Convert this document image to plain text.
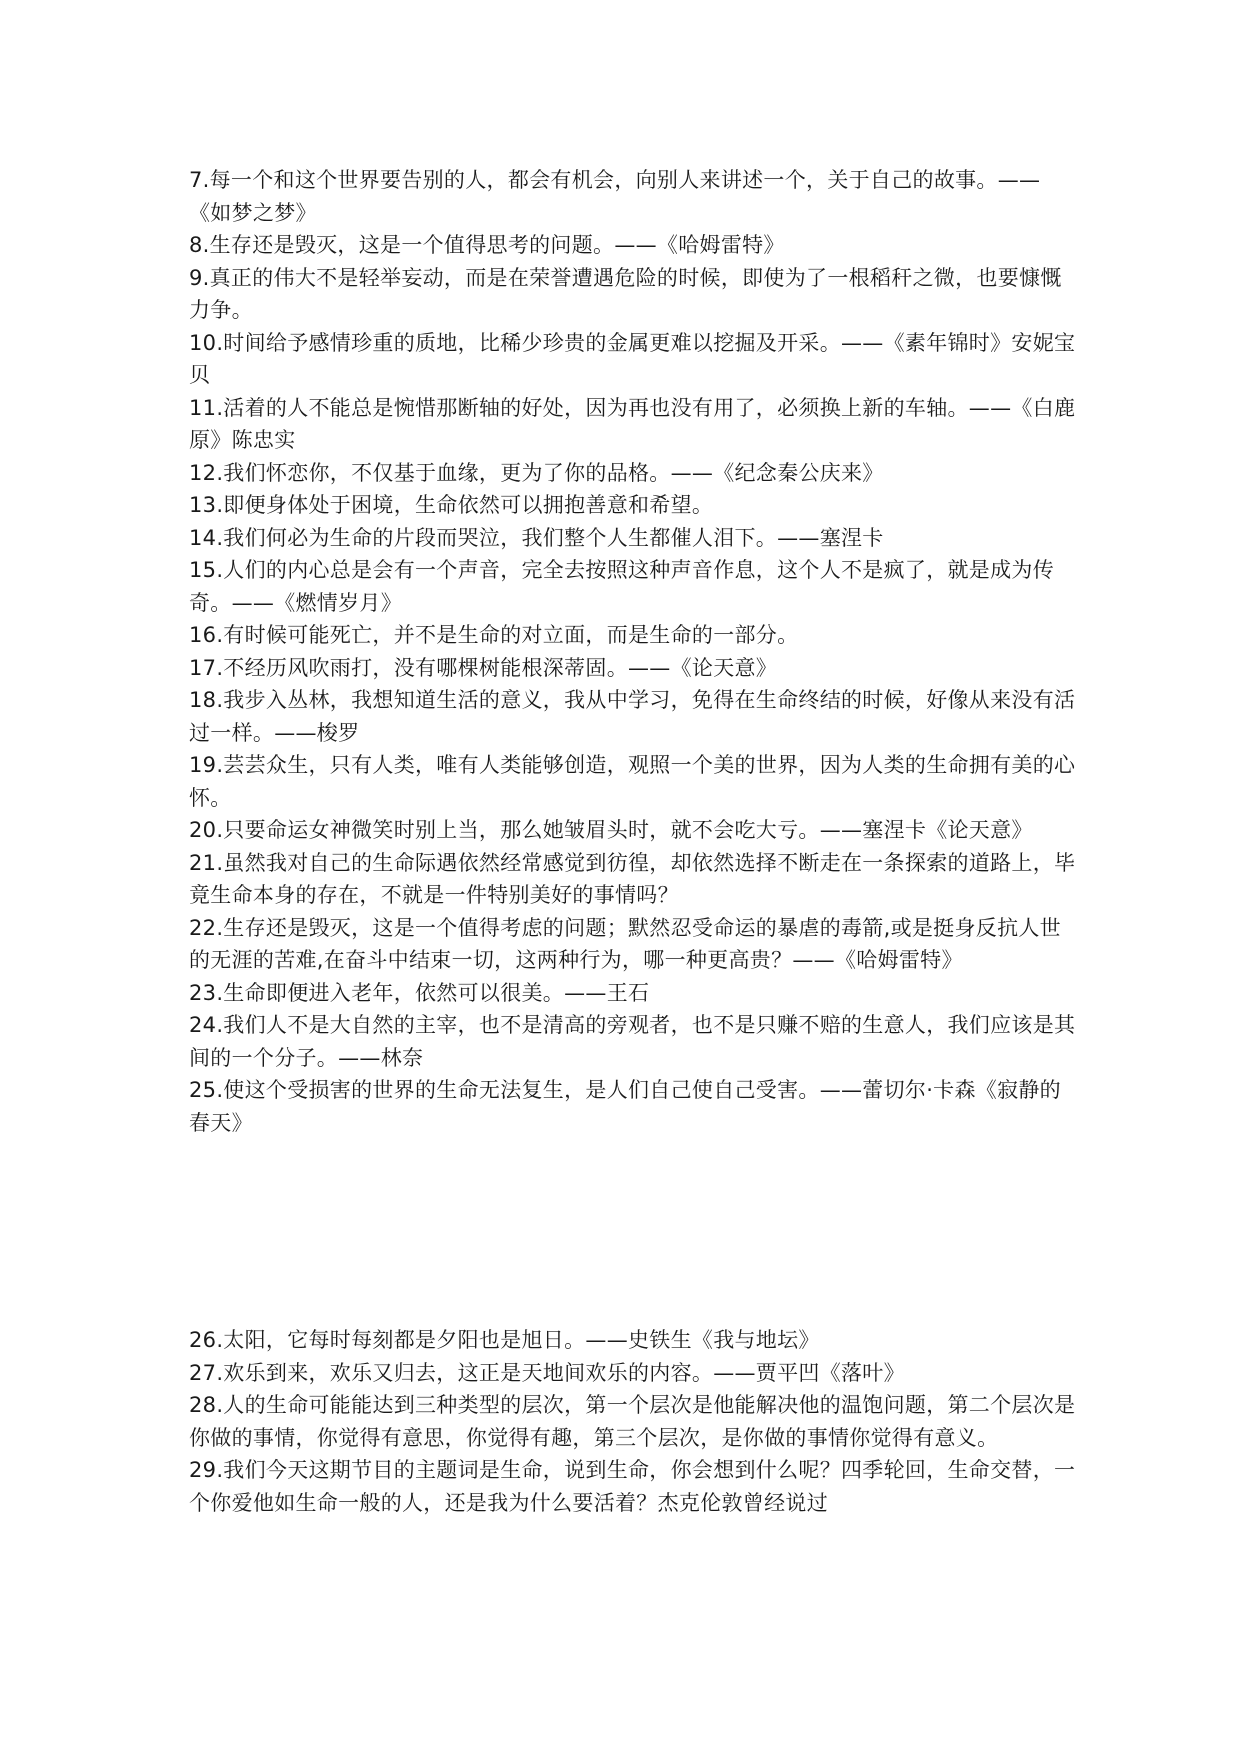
7.每一个和这个世界要告别的人，都会有机会，向别人来讲述一个，关于自己的故事。——《如梦之梦》

8.生存还是毁灭，这是一个值得思考的问题。——《哈姆雷特》

9.真正的伟大不是轻举妄动，而是在荣誉遭遇危险的时候，即使为了一根稻秆之微，也要慷慨力争。

10.时间给予感情珍重的质地，比稀少珍贵的金属更难以挖掘及开采。——《素年锦时》安妮宝贝

11.活着的人不能总是惋惜那断轴的好处，因为再也没有用了，必须换上新的车轴。——《白鹿原》陈忠实

12.我们怀恋你，不仅基于血缘，更为了你的品格。——《纪念秦公庆来》

13.即便身体处于困境，生命依然可以拥抱善意和希望。

14.我们何必为生命的片段而哭泣，我们整个人生都催人泪下。——塞涅卡

15.人们的内心总是会有一个声音，完全去按照这种声音作息，这个人不是疯了，就是成为传奇。——《燃情岁月》

16.有时候可能死亡，并不是生命的对立面，而是生命的一部分。

17.不经历风吹雨打，没有哪棵树能根深蒂固。——《论天意》

18.我步入丛林，我想知道生活的意义，我从中学习，免得在生命终结的时候，好像从来没有活过一样。——梭罗

19.芸芸众生，只有人类，唯有人类能够创造，观照一个美的世界，因为人类的生命拥有美的心怀。

20.只要命运女神微笑时别上当，那么她皱眉头时，就不会吃大亏。——塞涅卡《论天意》

21.虽然我对自己的生命际遇依然经常感觉到彷徨，却依然选择不断走在一条探索的道路上，毕竟生命本身的存在，不就是一件特别美好的事情吗？

22.生存还是毁灭，这是一个值得考虑的问题；默然忍受命运的暴虐的毒箭,或是挺身反抗人世的无涯的苦难,在奋斗中结束一切，这两种行为，哪一种更高贵？——《哈姆雷特》

23.生命即便进入老年，依然可以很美。——王石

24.我们人不是大自然的主宰，也不是清高的旁观者，也不是只赚不赔的生意人，我们应该是其间的一个分子。——林奈

25.使这个受损害的世界的生命无法复生，是人们自己使自己受害。——蕾切尔·卡森《寂静的春天》

26.太阳，它每时每刻都是夕阳也是旭日。——史铁生《我与地坛》

27.欢乐到来，欢乐又归去，这正是天地间欢乐的内容。——贾平凹《落叶》

28.人的生命可能能达到三种类型的层次，第一个层次是他能解决他的温饱问题，第二个层次是你做的事情，你觉得有意思，你觉得有趣，第三个层次，是你做的事情你觉得有意义。

29.我们今天这期节目的主题词是生命，说到生命，你会想到什么呢？四季轮回，生命交替，一个你爱他如生命一般的人，还是我为什么要活着？杰克伦敦曾经说过
